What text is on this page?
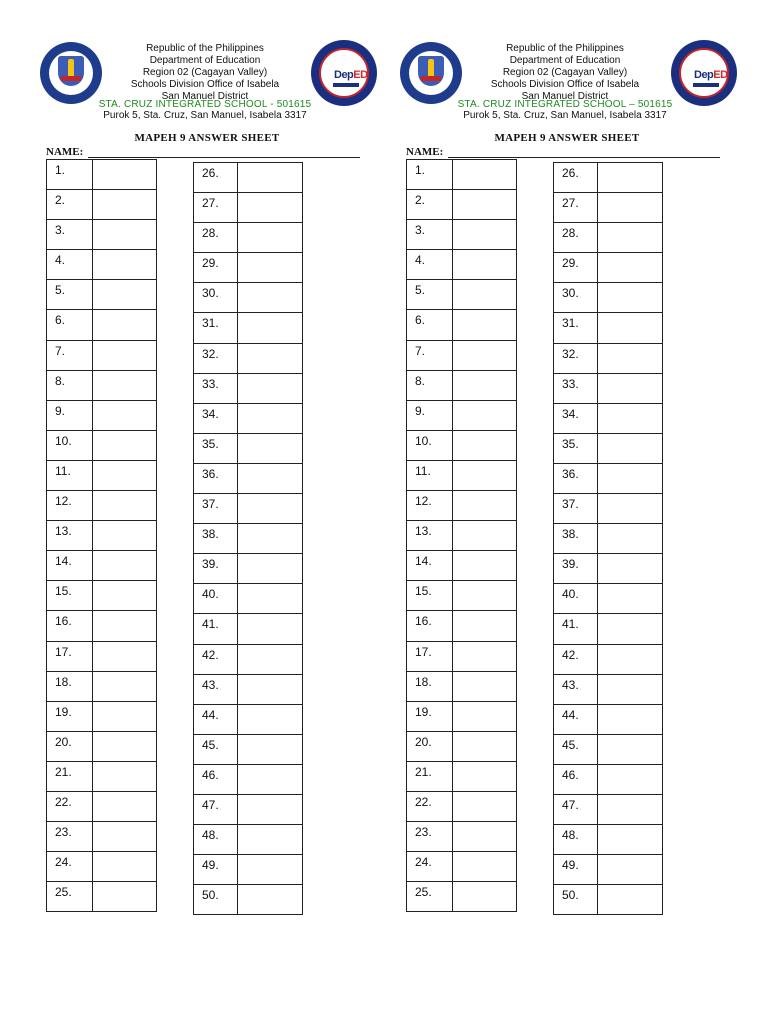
Republic of the Philippines
Department of Education
Region 02 (Cagayan Valley)
Schools Division Office of Isabela
San Manuel District
STA. CRUZ INTEGRATED SCHOOL - 501615
Purok 5, Sta. Cruz, San Manuel, Isabela 3317
DepED
MAPEH 9 ANSWER SHEET
NAME:
1.	
2.	
3.	
4.	
5.	
6.	
7.	
8.	
9.	
10.	
11.	
12.	
13.	
14.	
15.	
16.	
17.	
18.	
19.	
20.	
21.	
22.	
23.	
24.	
25.	
26.	
27.	
28.	
29.	
30.	
31.	
32.	
33.	
34.	
35.	
36.	
37.	
38.	
39.	
40.	
41.	
42.	
43.	
44.	
45.	
46.	
47.	
48.	
49.	
50.	
Republic of the Philippines
Department of Education
Region 02 (Cagayan Valley)
Schools Division Office of Isabela
San Manuel District
STA. CRUZ INTEGRATED SCHOOL – 501615
Purok 5, Sta. Cruz, San Manuel, Isabela 3317
DepED
MAPEH 9 ANSWER SHEET
NAME:
1.	
2.	
3.	
4.	
5.	
6.	
7.	
8.	
9.	
10.	
11.	
12.	
13.	
14.	
15.	
16.	
17.	
18.	
19.	
20.	
21.	
22.	
23.	
24.	
25.	
26.	
27.	
28.	
29.	
30.	
31.	
32.	
33.	
34.	
35.	
36.	
37.	
38.	
39.	
40.	
41.	
42.	
43.	
44.	
45.	
46.	
47.	
48.	
49.	
50.	
